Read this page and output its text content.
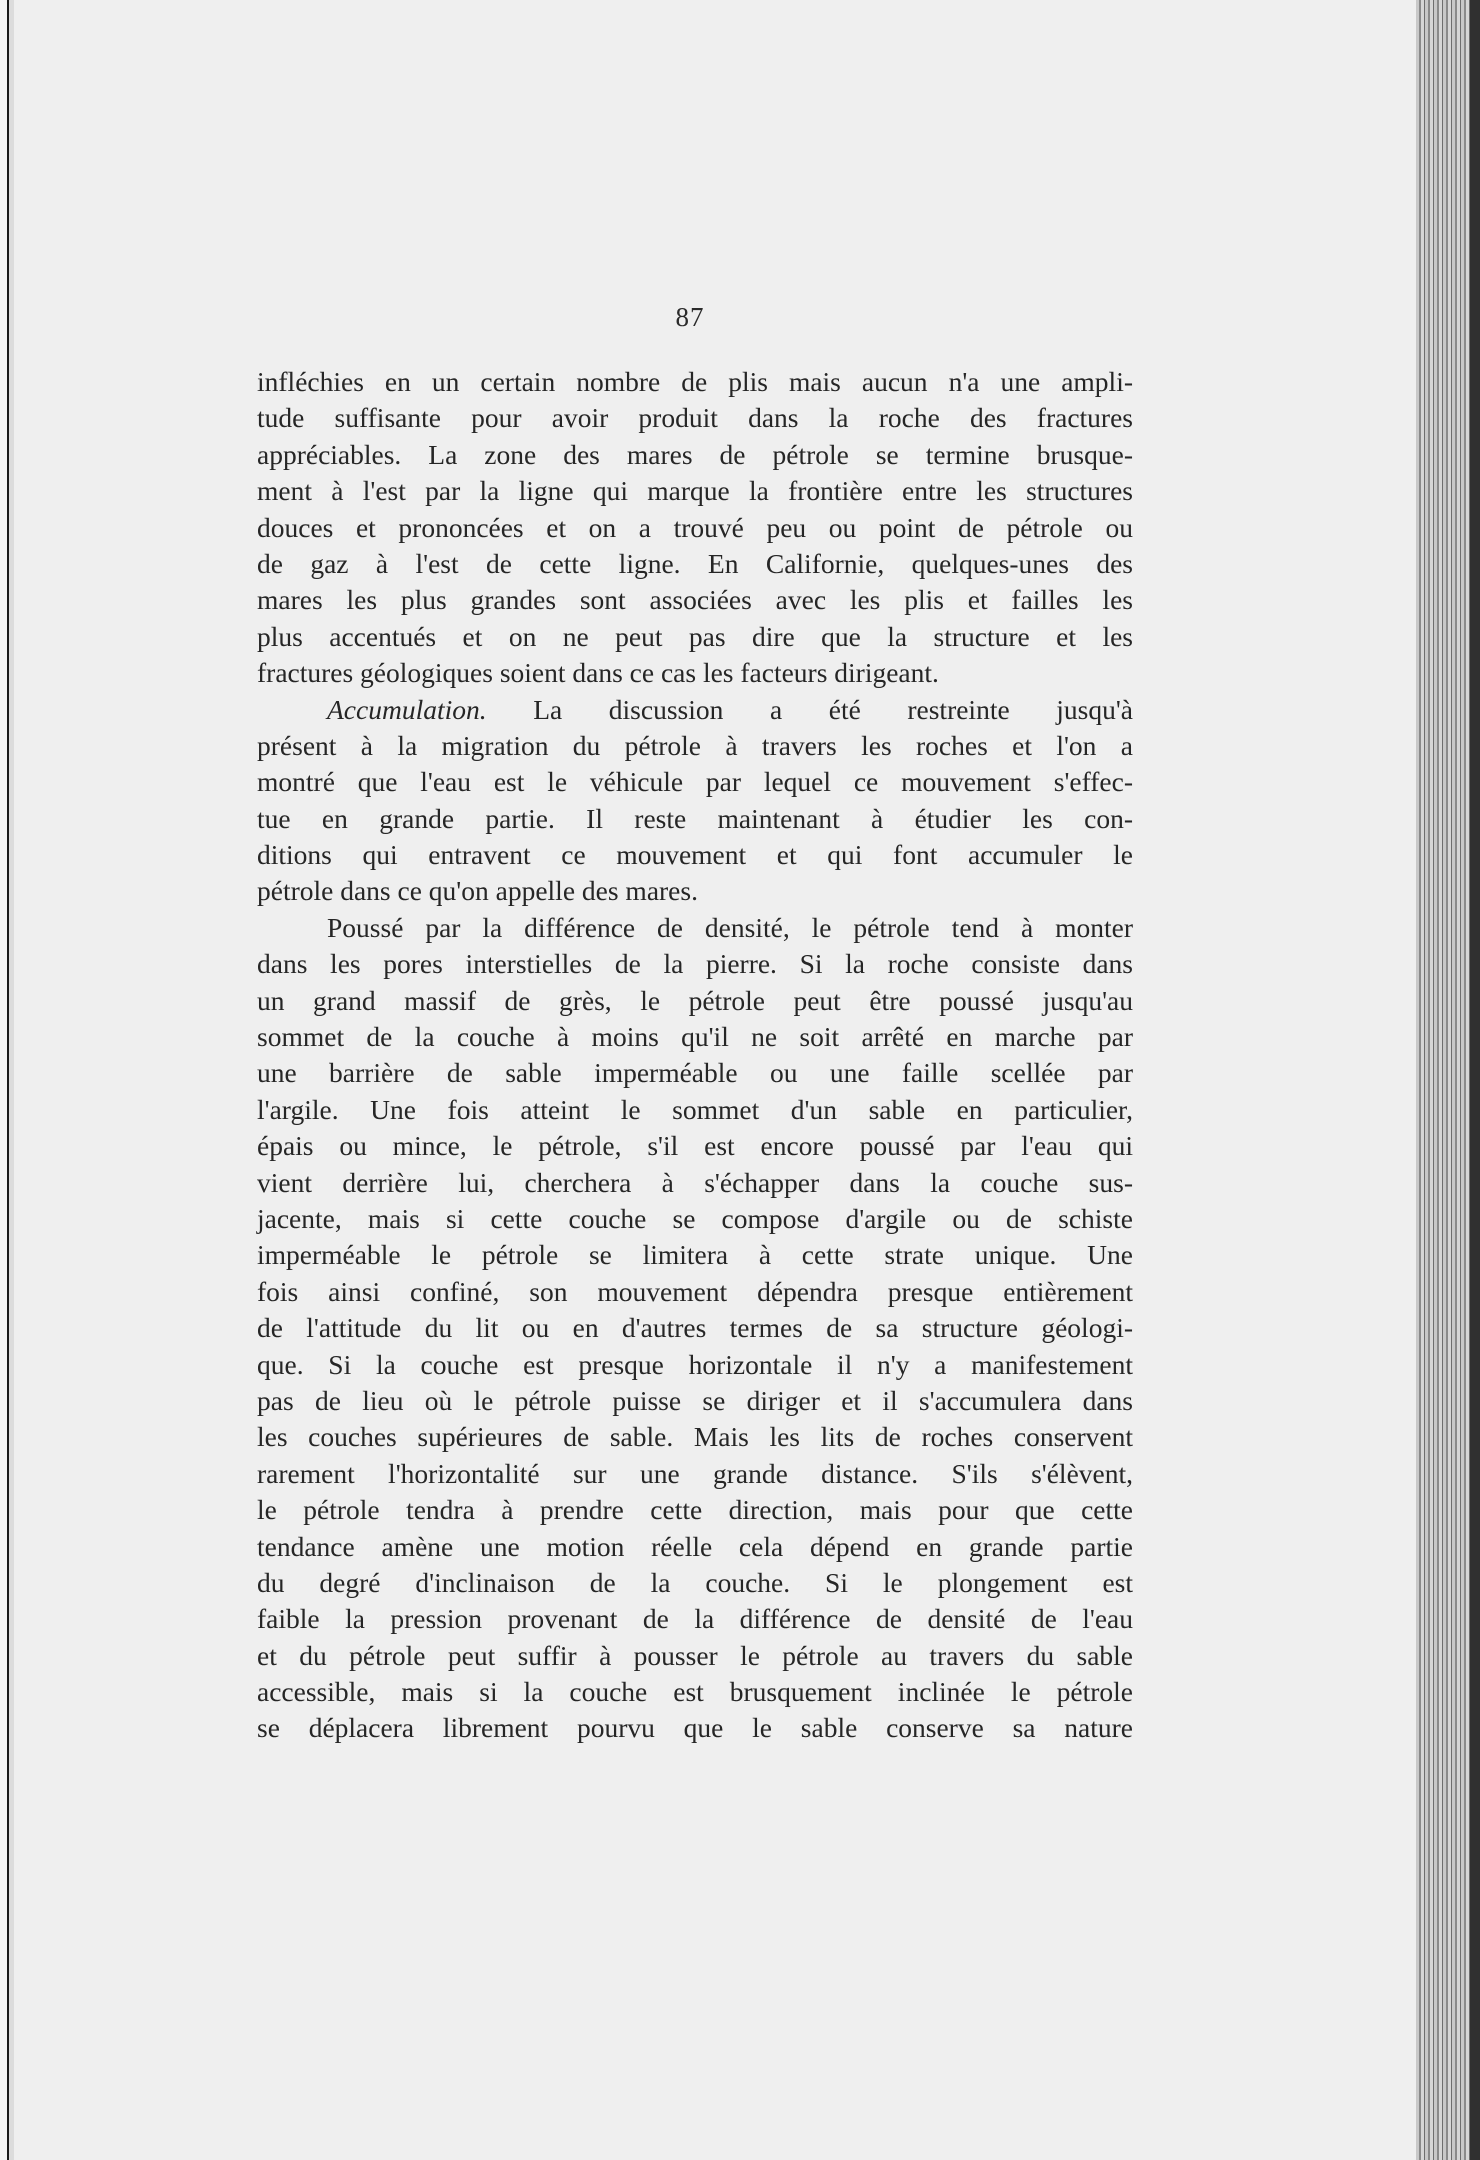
87
infléchies en un certain nombre de plis mais aucun n'a une ampli-
tude suffisante pour avoir produit dans la roche des fractures
appréciables. La zone des mares de pétrole se termine brusque-
ment à l'est par la ligne qui marque la frontière entre les structures
douces et prononcées et on a trouvé peu ou point de pétrole ou
de gaz à l'est de cette ligne. En Californie, quelques-unes des
mares les plus grandes sont associées avec les plis et failles les
plus accentués et on ne peut pas dire que la structure et les
fractures géologiques soient dans ce cas les facteurs dirigeant.
Accumulation. La discussion a été restreinte jusqu'à
présent à la migration du pétrole à travers les roches et l'on a
montré que l'eau est le véhicule par lequel ce mouvement s'effec-
tue en grande partie. Il reste maintenant à étudier les con-
ditions qui entravent ce mouvement et qui font accumuler le
pétrole dans ce qu'on appelle des mares.
Poussé par la différence de densité, le pétrole tend à monter
dans les pores interstielles de la pierre. Si la roche consiste dans
un grand massif de grès, le pétrole peut être poussé jusqu'au
sommet de la couche à moins qu'il ne soit arrêté en marche par
une barrière de sable imperméable ou une faille scellée par
l'argile. Une fois atteint le sommet d'un sable en particulier,
épais ou mince, le pétrole, s'il est encore poussé par l'eau qui
vient derrière lui, cherchera à s'échapper dans la couche sus-
jacente, mais si cette couche se compose d'argile ou de schiste
imperméable le pétrole se limitera à cette strate unique. Une
fois ainsi confiné, son mouvement dépendra presque entièrement
de l'attitude du lit ou en d'autres termes de sa structure géologi-
que. Si la couche est presque horizontale il n'y a manifestement
pas de lieu où le pétrole puisse se diriger et il s'accumulera dans
les couches supérieures de sable. Mais les lits de roches conservent
rarement l'horizontalité sur une grande distance. S'ils s'élèvent,
le pétrole tendra à prendre cette direction, mais pour que cette
tendance amène une motion réelle cela dépend en grande partie
du degré d'inclinaison de la couche. Si le plongement est
faible la pression provenant de la différence de densité de l'eau
et du pétrole peut suffir à pousser le pétrole au travers du sable
accessible, mais si la couche est brusquement inclinée le pétrole
se déplacera librement pourvu que le sable conserve sa nature
